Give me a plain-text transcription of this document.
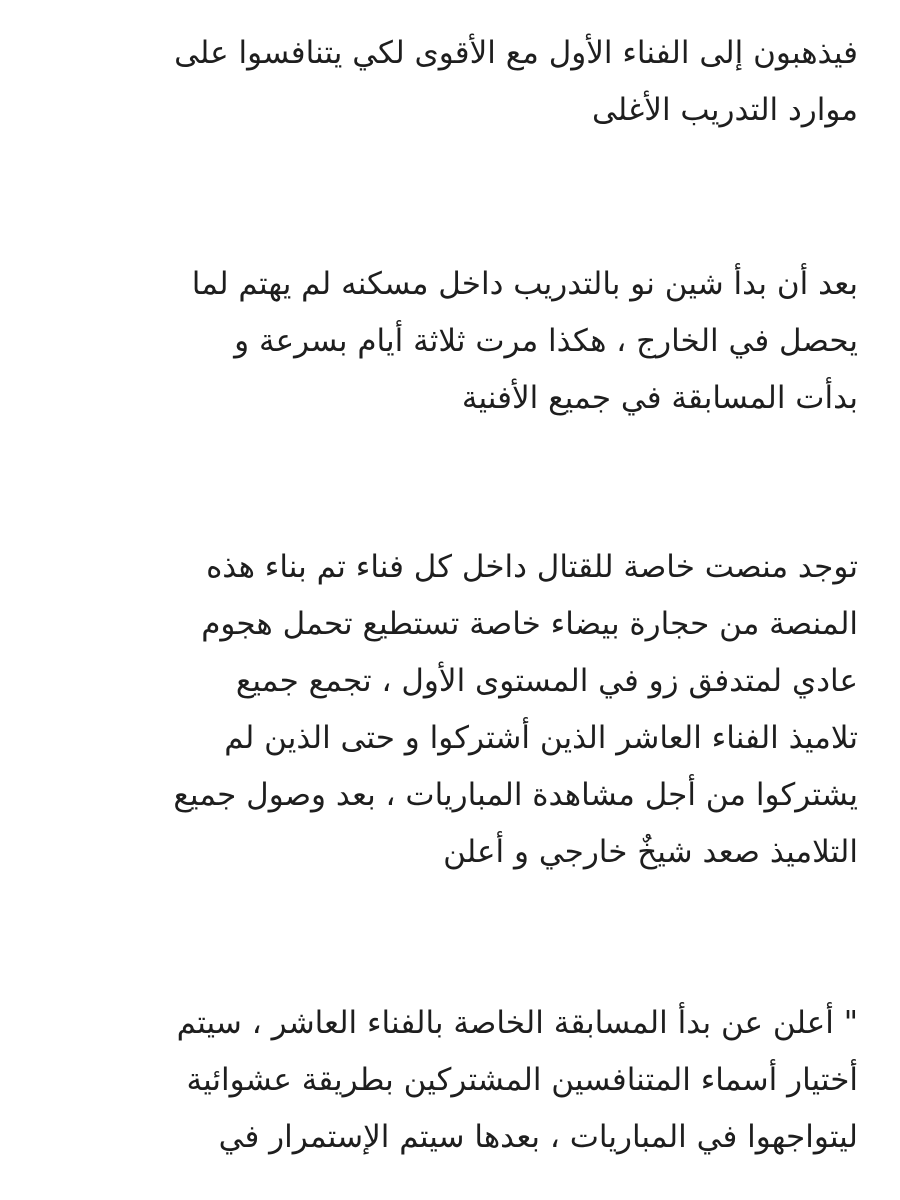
فيذهبون إلى الفناء الأول مع الأقوى لكي يتنافسوا على
موارد التدريب الأغلى

بعد أن بدأ شين نو بالتدريب داخل مسكنه لم يهتم لما
يحصل في الخارج ، هكذا مرت ثلاثة أيام بسرعة و
بدأت المسابقة في جميع الأفنية

توجد منصت خاصة للقتال داخل كل فناء تم بناء هذه
المنصة من حجارة بيضاء خاصة تستطيع تحمل هجوم
عادي لمتدفق زو في المستوى الأول ، تجمع جميع
تلاميذ الفناء العاشر الذين أشتركوا و حتى الذين لم
يشتركوا من أجل مشاهدة المباريات ، بعد وصول جميع
التلاميذ صعد شيخٌ خارجي و أعلن

" أعلن عن بدأ المسابقة الخاصة بالفناء العاشر ، سيتم
أختيار أسماء المتنافسين المشتركين بطريقة عشوائية
ليتواجهوا في المباريات ، بعدها سيتم الإستمرار في
